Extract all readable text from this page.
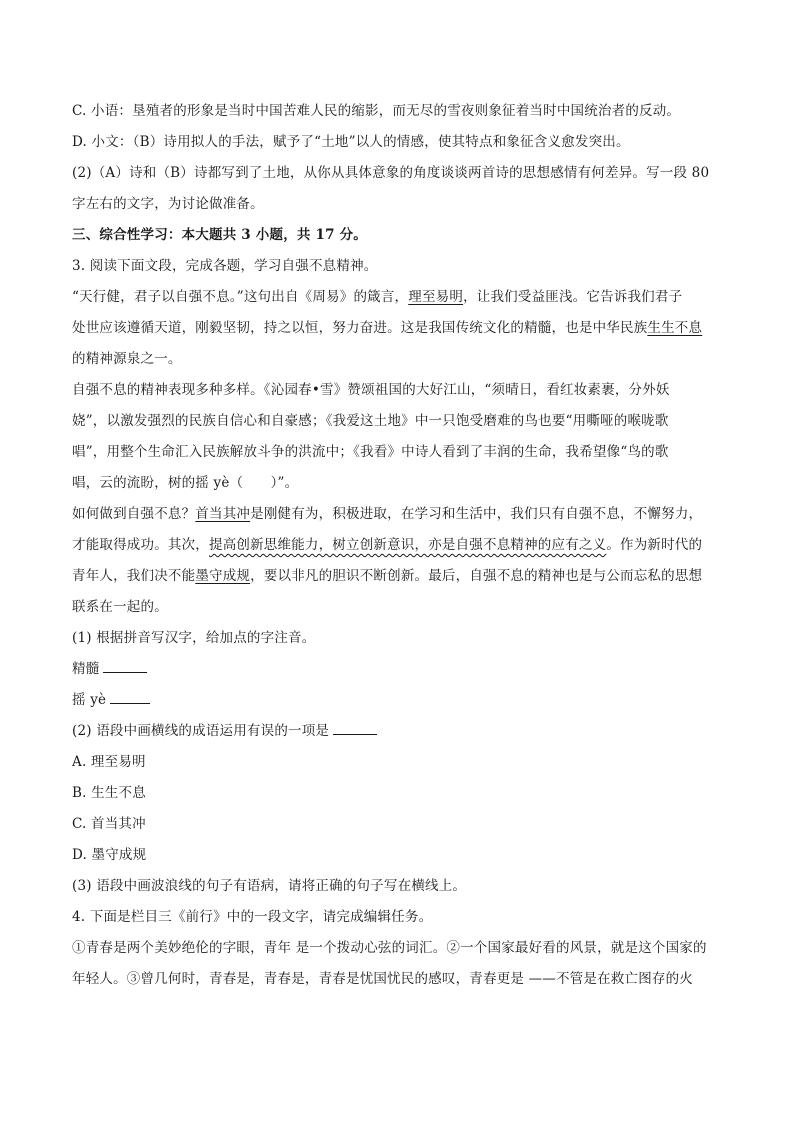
C. 小语：垦殖者的形象是当时中国苦难人民的缩影，而无尽的雪夜则象征着当时中国统治者的反动。
D. 小文：（B）诗用拟人的手法，赋予了“土地”以人的情感，使其特点和象征含义愈发突出。
(2)（A）诗和（B）诗都写到了土地，从你从具体意象的角度谈谈两首诗的思想感情有何差异。写一段 80
字左右的文字，为讨论做准备。
三、综合性学习：本大题共 3 小题，共 17 分。
3. 阅读下面文段，完成各题，学习自强不息精神。
“天行健，君子以自强不息。”这句出自《周易》的箴言，理至易明，让我们受益匪浅。它告诉我们君子
处世应该遵循天道，刚毅坚韧，持之以恒，努力奋进。这是我国传统文化的精髓，也是中华民族生生不息
的精神源泉之一。
自强不息的精神表现多种多样。《沁园春•雪》赞颂祖国的大好江山，“须晴日，看红妆素裹，分外妖
娆”，以激发强烈的民族自信心和自豪感；《我爱这土地》中一只饱受磨难的鸟也要“用嘶哑的喉咙歌
唱”，用整个生命汇入民族解放斗争的洪流中；《我看》中诗人看到了丰润的生命，我希望像“鸟的歌
唱，云的流盼，树的摇 yè（　　）”。
如何做到自强不息？首当其冲是刚健有为，积极进取，在学习和生活中，我们只有自强不息，不懈努力，
才能取得成功。其次，提高创新思维能力，树立创新意识，亦是自强不息精神的应有之义。作为新时代的
青年人，我们决不能墨守成规，要以非凡的胆识不断创新。最后，自强不息的精神也是与公而忘私的思想
联系在一起的。
(1) 根据拼音写汉字，给加点的字注音。
精髓
摇 yè
(2) 语段中画横线的成语运用有误的一项是
A. 理至易明
B. 生生不息
C. 首当其冲
D. 墨守成规
(3) 语段中画波浪线的句子有语病，请将正确的句子写在横线上。
4. 下面是栏目三《前行》中的一段文字，请完成编辑任务。
①青春是两个美妙绝伦的字眼，青年 是一个拨动心弦的词汇。②一个国家最好看的风景，就是这个国家的
年轻人。③曾几何时，青春是，青春是，青春是忧国忧民的感叹，青春更是 ——不管是在救亡图存的火
